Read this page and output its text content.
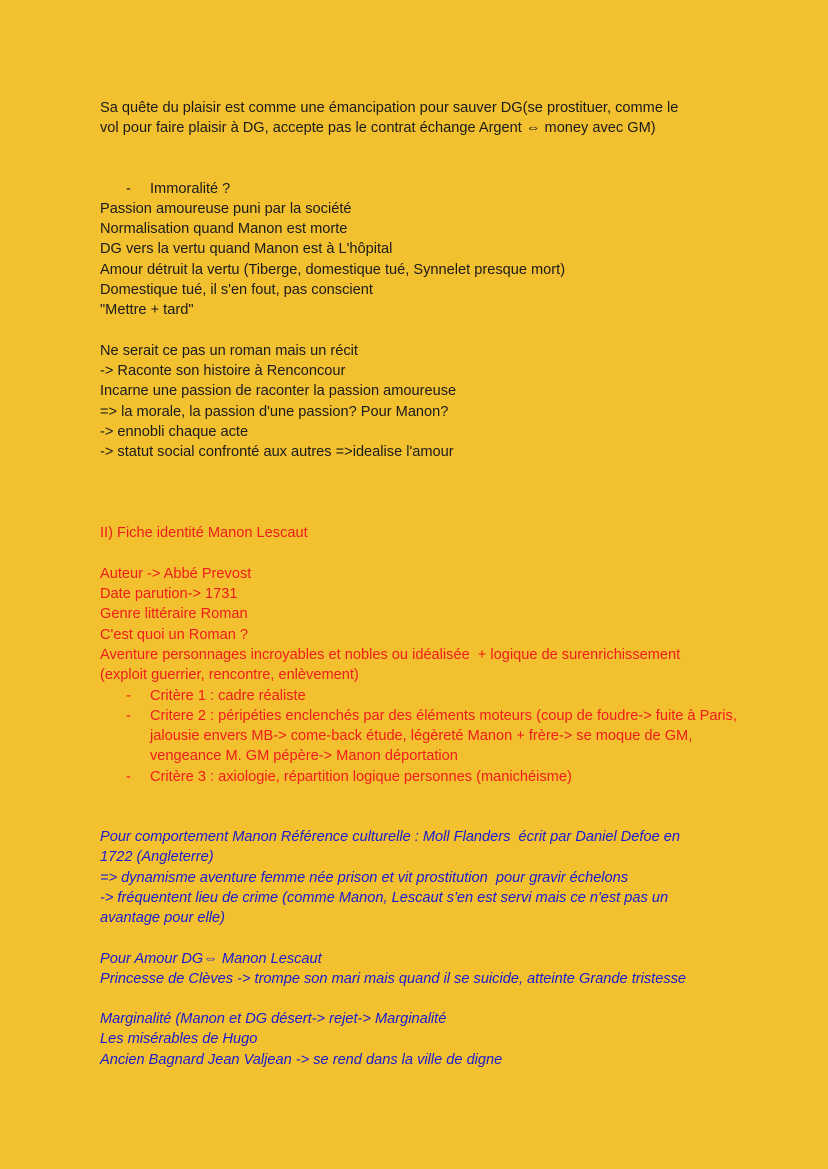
Sa quête du plaisir est comme une émancipation pour sauver DG(se prostituer, comme le
vol pour faire plaisir à DG, accepte pas le contrat échange Argent ⇔ money avec GM)
-	Immoralité ?
Passion amoureuse puni par la société
Normalisation quand Manon est morte
DG vers la vertu quand Manon est à L'hôpital
Amour détruit la vertu (Tiberge, domestique tué, Synnelet presque mort)
Domestique tué, il s'en fout, pas conscient
"Mettre + tard"
Ne serait ce pas un roman mais un récit
-> Raconte son histoire à Renconcour
Incarne une passion de raconter la passion amoureuse
=> la morale, la passion d'une passion? Pour Manon?
-> ennobli chaque acte
-> statut social confronté aux autres =>idealise l'amour
II) Fiche identité Manon Lescaut
Auteur -> Abbé Prevost
Date parution-> 1731
Genre littéraire Roman
C'est quoi un Roman ?
Aventure personnages incroyables et nobles ou idéalisée  + logique de surenrichissement
(exploit guerrier, rencontre, enlèvement)
-	Critère 1 : cadre réaliste
-	Critere 2 : péripéties enclenchés par des éléments moteurs (coup de foudre-> fuite à Paris, jalousie envers MB-> come-back étude, légèreté Manon + frère-> se moque de GM, vengeance M. GM pépère-> Manon déportation
-	Critère 3 : axiologie, répartition logique personnes (manichéisme)
Pour comportement Manon Référence culturelle : Moll Flanders  écrit par Daniel Defoe en
1722 (Angleterre)
=> dynamisme aventure femme née prison et vit prostitution  pour gravir échelons
-> fréquentent lieu de crime (comme Manon, Lescaut s'en est servi mais ce n'est pas un
avantage pour elle)
Pour Amour DG⇔ Manon Lescaut
Princesse de Clèves -> trompe son mari mais quand il se suicide, atteinte Grande tristesse
Marginalité (Manon et DG désert-> rejet-> Marginalité
Les misérables de Hugo
Ancien Bagnard Jean Valjean -> se rend dans la ville de digne
